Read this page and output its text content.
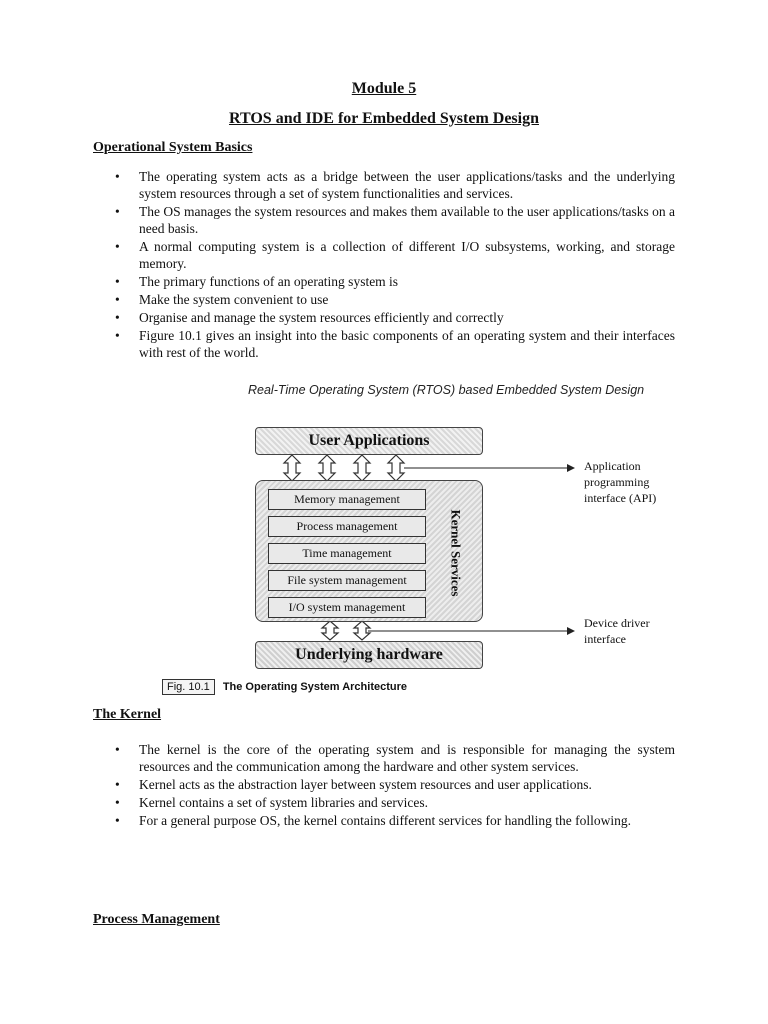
Module 5
RTOS and IDE for Embedded System Design
Operational System Basics
• The operating system acts as a bridge between the user applications/tasks and the underlying system resources through a set of system functionalities and services.
• The OS manages the system resources and makes them available to the user applications/tasks on a need basis.
• A normal computing system is a collection of different I/O subsystems, working, and storage memory.
• The primary functions of an operating system is
• Make the system convenient to use
• Organise and manage the system resources efficiently and correctly
• Figure 10.1 gives an insight into the basic components of an operating system and their interfaces with rest of the world.
Real-Time Operating System (RTOS) based Embedded System Design
User Applications
Memory management
Process management
Time management
File system management
I/O system management
Kernel Services
Underlying hardware
Application
programming
interface (API)
Device driver
interface
Fig. 10.1	The Operating System Architecture
The Kernel
• The kernel is the core of the operating system and is responsible for managing the system resources and the communication among the hardware and other system services.
• Kernel acts as the abstraction layer between system resources and user applications.
• Kernel contains a set of system libraries and services.
• For a general purpose OS, the kernel contains different services for handling the following.
Process Management
